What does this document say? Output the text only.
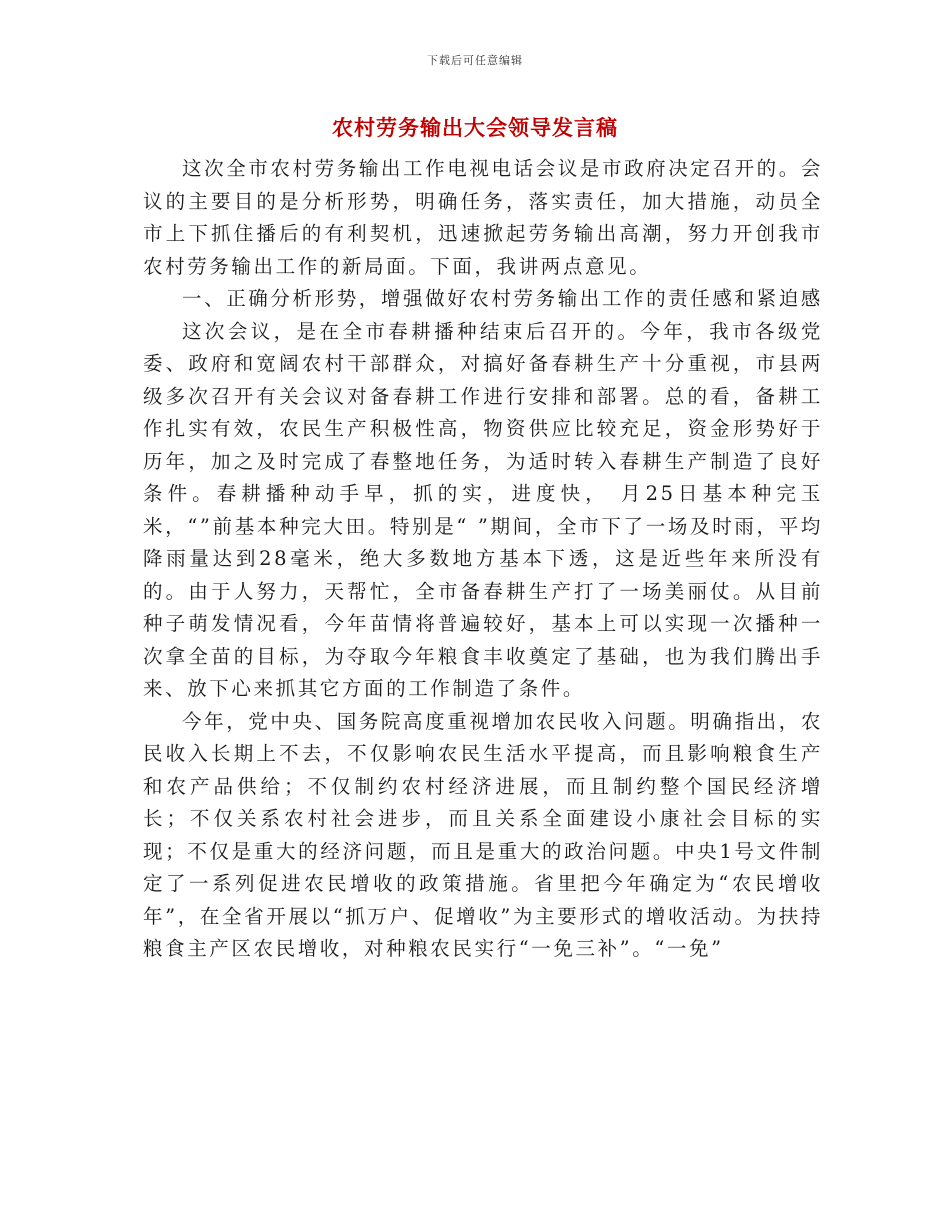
下载后可任意编辑
农村劳务输出大会领导发言稿

这次全市农村劳务输出工作电视电话会议是市政府决定召开的。会议的主要目的是分析形势，明确任务，落实责任，加大措施，动员全市上下抓住播后的有利契机，迅速掀起劳务输出高潮，努力开创我市农村劳务输出工作的新局面。下面，我讲两点意见。

一、正确分析形势，增强做好农村劳务输出工作的责任感和紧迫感

这次会议，是在全市春耕播种结束后召开的。今年，我市各级党委、政府和宽阔农村干部群众，对搞好备春耕生产十分重视，市县两级多次召开有关会议对备春耕工作进行安排和部署。总的看，备耕工作扎实有效，农民生产积极性高，物资供应比较充足，资金形势好于历年，加之及时完成了春整地任务，为适时转入春耕生产制造了良好条件。春耕播种动手早，抓的实，进度快， 月25日基本种完玉米，“”前基本种完大田。特别是“ ”期间，全市下了一场及时雨，平均降雨量达到28毫米，绝大多数地方基本下透，这是近些年来所没有的。由于人努力，天帮忙，全市备春耕生产打了一场美丽仗。从目前种子萌发情况看，今年苗情将普遍较好，基本上可以实现一次播种一次拿全苗的目标，为夺取今年粮食丰收奠定了基础，也为我们腾出手来、放下心来抓其它方面的工作制造了条件。

今年，党中央、国务院高度重视增加农民收入问题。明确指出，农民收入长期上不去，不仅影响农民生活水平提高，而且影响粮食生产和农产品供给；不仅制约农村经济进展，而且制约整个国民经济增长；不仅关系农村社会进步，而且关系全面建设小康社会目标的实现；不仅是重大的经济问题，而且是重大的政治问题。中央1号文件制定了一系列促进农民增收的政策措施。省里把今年确定为“农民增收年”，在全省开展以“抓万户、促增收”为主要形式的增收活动。为扶持粮食主产区农民增收，对种粮农民实行“一免三补”。“一免”
